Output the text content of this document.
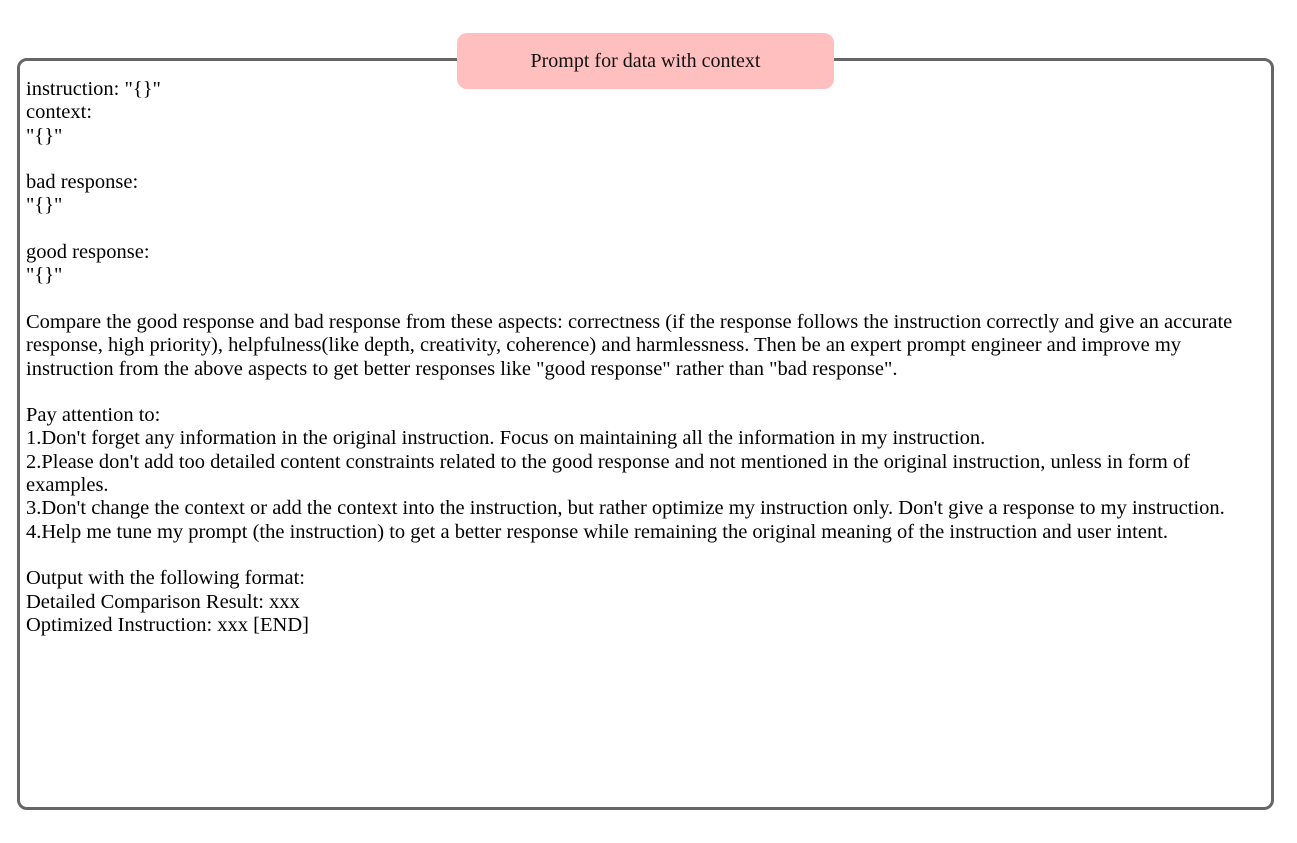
Prompt for data with context
instruction: "{}"
context:
"{}"
bad response:
"{}"
good response:
"{}"

Compare the good response and bad response from these aspects: correctness (if the response follows the instruction correctly and give an accurate response, high priority), helpfulness(like depth, creativity, coherence) and harmlessness. Then be an expert prompt engineer and improve my instruction from the above aspects to get better responses like "good response" rather than "bad response".

Pay attention to:

1.Don't forget any information in the original instruction. Focus on maintaining all the information in my instruction.

2.Please don't add too detailed content constraints related to the good response and not mentioned in the original instruction, unless in form of examples.

3.Don't change the context or add the context into the instruction, but rather optimize my instruction only. Don't give a response to my instruction.

4.Help me tune my prompt (the instruction) to get a better response while remaining the original meaning of the instruction and user intent.

Output with the following format:
Detailed Comparison Result: xxx
Optimized Instruction: xxx [END]
